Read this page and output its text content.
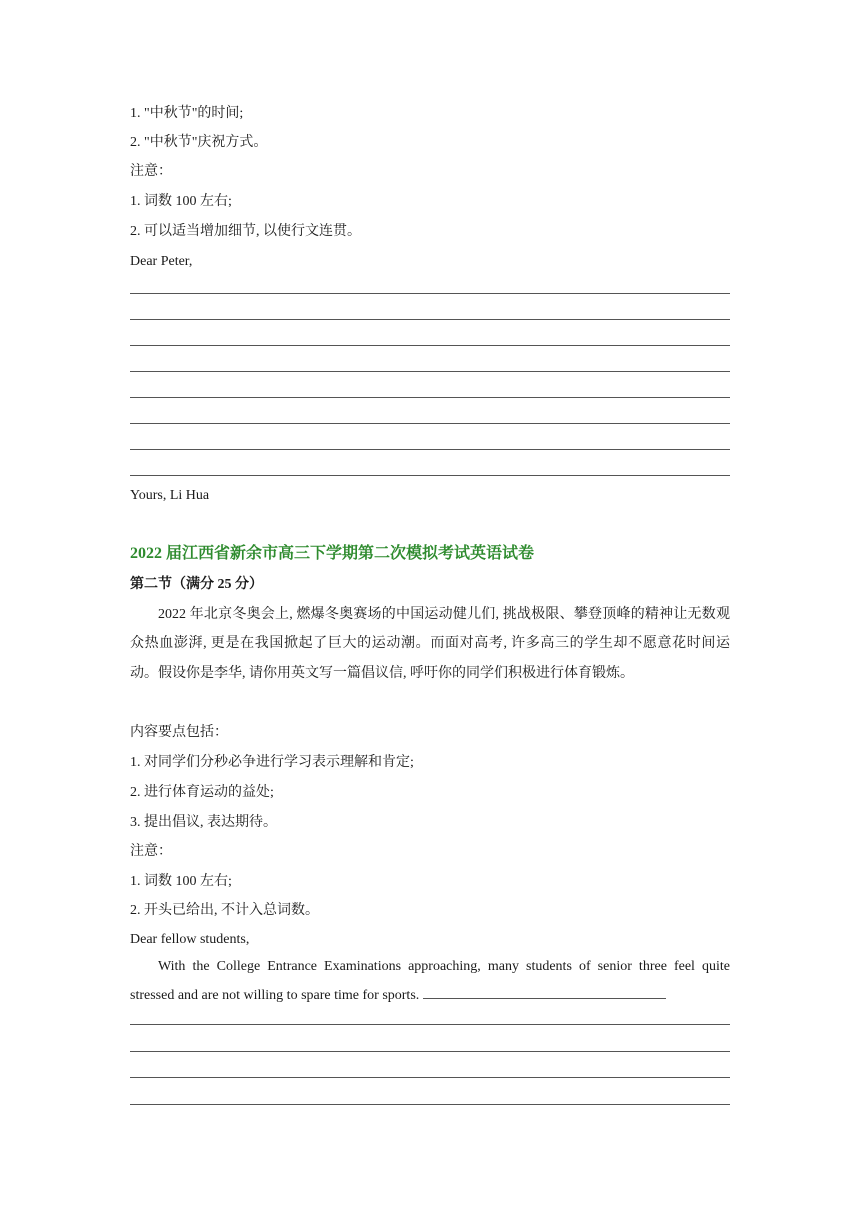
1. "中秋节"的时间;
2. "中秋节"庆祝方式。
注意：
1. 词数 100 左右;
2. 可以适当增加细节, 以使行文连贯。
Dear Peter,
Yours, Li Hua
2022 届江西省新余市高三下学期第二次模拟考试英语试卷
第二节（满分 25 分）
2022 年北京冬奥会上, 燃爆冬奥赛场的中国运动健儿们, 挑战极限、攀登顶峰的精神让无数观众热血澎湃, 更是在我国掀起了巨大的运动潮。而面对高考, 许多高三的学生却不愿意花时间运动。假设你是李华, 请你用英文写一篇倡议信, 呼吁你的同学们积极进行体育锻炼。
内容要点包括：
1. 对同学们分秒必争进行学习表示理解和肯定;
2. 进行体育运动的益处;
3. 提出倡议, 表达期待。
注意：
1. 词数 100 左右;
2. 开头已给出, 不计入总词数。
Dear fellow students,
With the College Entrance Examinations approaching, many students of senior three feel quite stressed and are not willing to spare time for sports.
